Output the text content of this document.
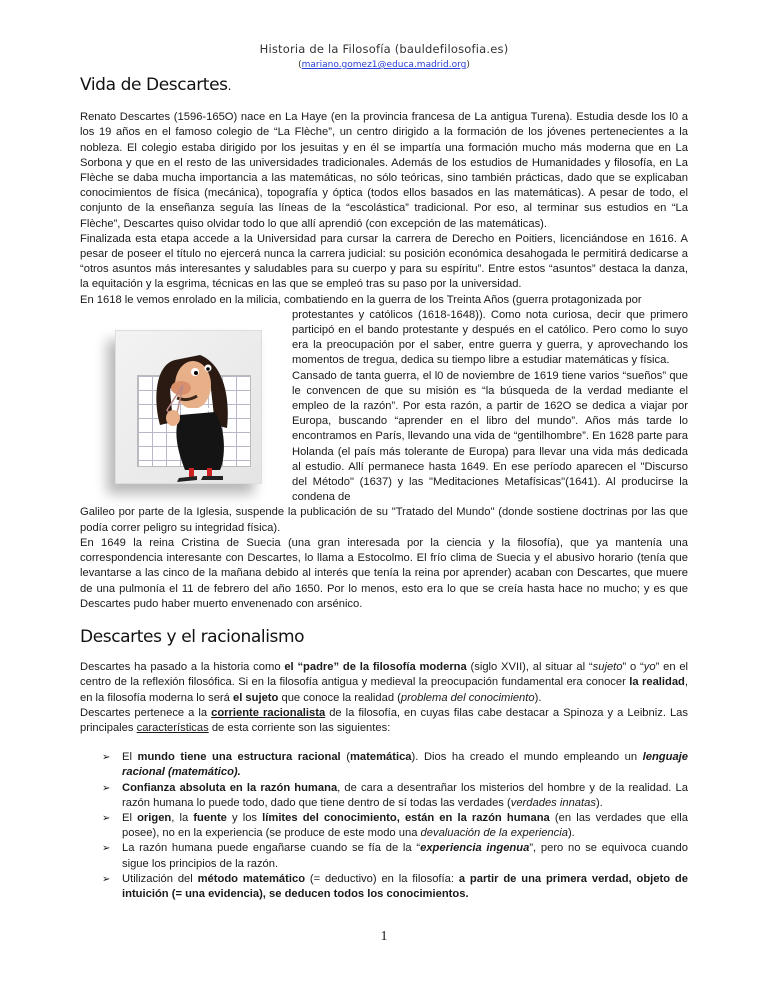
Historia de la Filosofía (bauldefilosofia.es)
(mariano.gomez1@educa.madrid.org)
Vida de Descartes.

Renato Descartes (1596-165O) nace en La Haye (en la provincia francesa de La antigua Turena). Estudia desde los l0 a los 19 años en el famoso colegio de “La Flèche”, un centro dirigido a la formación de los jóvenes pertenecientes a la nobleza. El colegio estaba dirigido por los jesuitas y en él se impartía una formación mucho más moderna que en La Sorbona y que en el resto de las universidades tradicionales. Además de los estudios de Humanidades y filosofía, en La Flèche se daba mucha importancia a las matemáticas, no sólo teóricas, sino también prácticas, dado que se explicaban conocimientos de física (mecánica), topografía y óptica (todos ellos basados en las matemáticas). A pesar de todo, el conjunto de la enseñanza seguía las líneas de la “escolástica” tradicional. Por eso, al terminar sus estudios en “La Flèche”, Descartes quiso olvidar todo lo que allí aprendió (con excepción de las matemáticas).

Finalizada esta etapa accede a la Universidad para cursar la carrera de Derecho en Poitiers, licenciándose en 1616. A pesar de poseer el título no ejercerá nunca la carrera judicial: su posición económica desahogada le permitirá dedicarse a “otros asuntos más interesantes y saludables para su cuerpo y para su espíritu”. Entre estos “asuntos” destaca la danza, la equitación y la esgrima, técnicas en las que se empleó tras su paso por la universidad.

En 1618 le vemos enrolado en la milicia, combatiendo en la guerra de los Treinta Años (guerra protagonizada por

protestantes y católicos (1618-1648)). Como nota curiosa, decir que primero participó en el bando protestante y después en el católico. Pero como lo suyo era la preocupación por el saber, entre guerra y guerra, y aprovechando los momentos de tregua, dedica su tiempo libre a estudiar matemáticas y física.

Cansado de tanta guerra, el l0 de noviembre de 1619 tiene varios “sueños” que le convencen de que su misión es “la búsqueda de la verdad mediante el empleo de la razón”. Por esta razón, a partir de 162O se dedica a viajar por Europa, buscando “aprender en el libro del mundo”. Años más tarde lo encontramos en París, llevando una vida de “gentilhombre”. En 1628 parte para Holanda (el país más tolerante de Europa) para llevar una vida más dedicada al estudio. Allí permanece hasta 1649. En ese período aparecen el "Discurso del Método" (1637) y las "Meditaciones Metafísicas"(1641). Al producirse la condena de

Galileo por parte de la Iglesia, suspende la publicación de su "Tratado del Mundo" (donde sostiene doctrinas por las que podía correr peligro su integridad física).

En 1649 la reina Cristina de Suecia (una gran interesada por la ciencia y la filosofía), que ya mantenía una correspondencia interesante con Descartes, lo llama a Estocolmo. El frío clima de Suecia y el abusivo horario (tenía que levantarse a las cinco de la mañana debido al interés que tenía la reina por aprender) acaban con Descartes, que muere de una pulmonía el 11 de febrero del año 1650. Por lo menos, esto era lo que se creía hasta hace no mucho; y es que Descartes pudo haber muerto envenenado con arsénico.

Descartes y el racionalismo

Descartes ha pasado a la historia como el “padre” de la filosofía moderna (siglo XVII), al situar al “sujeto” o “yo” en el centro de la reflexión filosófica. Si en la filosofía antigua y medieval la preocupación fundamental era conocer la realidad, en la filosofía moderna lo será el sujeto que conoce la realidad (problema del conocimiento).

Descartes pertenece a la corriente racionalista de la filosofía, en cuyas filas cabe destacar a Spinoza y a Leibniz. Las principales características de esta corriente son las siguientes:

➢ El mundo tiene una estructura racional (matemática). Dios ha creado el mundo empleando un lenguaje racional (matemático).
➢ Confianza absoluta en la razón humana, de cara a desentrañar los misterios del hombre y de la realidad. La razón humana lo puede todo, dado que tiene dentro de sí todas las verdades (verdades innatas).
➢ El origen, la fuente y los límites del conocimiento, están en la razón humana (en las verdades que ella posee), no en la experiencia (se produce de este modo una devaluación de la experiencia).
➢ La razón humana puede engañarse cuando se fía de la “experiencia ingenua”, pero no se equivoca cuando sigue los principios de la razón.
➢ Utilización del método matemático (= deductivo) en la filosofía: a partir de una primera verdad, objeto de intuición (= una evidencia), se deducen todos los conocimientos.
1
